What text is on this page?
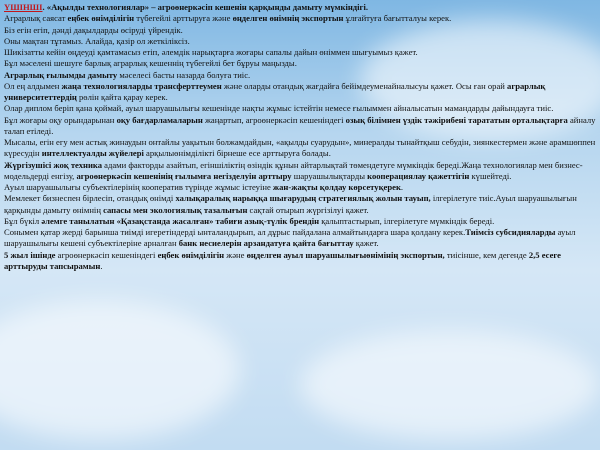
ҮШІНШІ. «Ақылды технологиялар» – агроөнеркәсіп кешенін қарқынды дамыту мүмкіндігі.

Аграрлық саясат еңбек өнімділігін түбегейлі арттыруға және өңделген өнімнің экспортын ұлғайтуға бағытталуы керек.

Біз егін егіп, дәнді дақылдарды өсіруді үйрендік.

Оны мақтан тұтамыз. Алайда, қазір ол жеткіліксіз.

Шикізатты кейін өңдеуді қамтамасыз етіп, әлемдік нарықтарға жоғары сапалы дайын өніммен шығуымыз қажет.

Бұл мәселені шешуге барлық аграрлық кешеннің түбегейлі бет бұруы маңызды.

Аграрлық ғылымды дамыту мәселесі басты назарда болуға тиіс.

Ол ең алдымен жаңа технологияларды трансферттеумен және оларды отандық жағдайға бейімдеуменайналысуы қажет. Осы ған орай аграрлық университеттердің рөлін қайта қарау керек.

Олар диплом беріп қана қоймай, ауыл шаруашылығы кешенінде нақты жұмыс істейтін немесе ғылыммен айналысатын мамандарды дайындауға тиіс.

Бұл жоғары оқу орындарынан оқу бағдарламаларын жаңартып, агроөнеркәсіп кешеніндегі озық білімнен үздік тәжірибені тарататын орталықтарға айналу талап етіледі.

Мысалы, егін егу мен астық жинаудын онтайлы уақытын болжамдайдын, «ақылды суарудын», минералды тынайтқыш себудін, зиянкестермен және арамшөппен күресудін интеллектуалды жүйелері арқылыөнімділікті бірнеше есе арттыруға болады.

Жүргізушісі жоқ техника адами факторды азайтып, егіншіліктің өзіндік құнын айтарлықтай төмендетуге мүмкіндік береді.Жаңа технологиялар мен бизнес-модельдерді енгізу, агроөнеркәсіп кешенінің ғылымға негізделуін арттыру шаруашылықтарды кооперациялау қажеттігін күшейтеді.

Ауыл шаруашылығы субъектілерінің кооператив түрінде жұмыс істеуіне жан-жақты қолдау көрсетуқерек.

Мемлекет бизнеспен бірлесіп, отандық өнімді халықаралық нарыққа шығарудың стратегиялық жолын тауып, ілгерілетуге тиіс.Ауыл шаруашылығын қарқынды дамыту өнімнің сапасы мен экологиялық тазалығын сақтай отырып жүргізілуі қажет.

Бұл бүкіл әлемге танылатын «Қазақстанда жасалған» табиғи азық-түлік брендін қалыптастырып, ілгерілетуге мүмкіндік береді.

Сонымен қатар жерді барынша тиімді игеретіндерді ынталандырып, ал дұрыс пайдалана алмайтындарға шара қолдану керек.Тиімсіз субсидияларды ауыл шаруашылығы кешені субъектілеріне арналған банк несиелерін арзандатуға қайта бағыттау қажет.

5 жыл ішінде агроөнеркәсіп кешеніндегі еңбек өнімділігін және өңделген ауыл шаруашылығыөнімінің экспортын, тиісінше, кем дегенде 2,5 есеге арттыруды тапсырамын.
